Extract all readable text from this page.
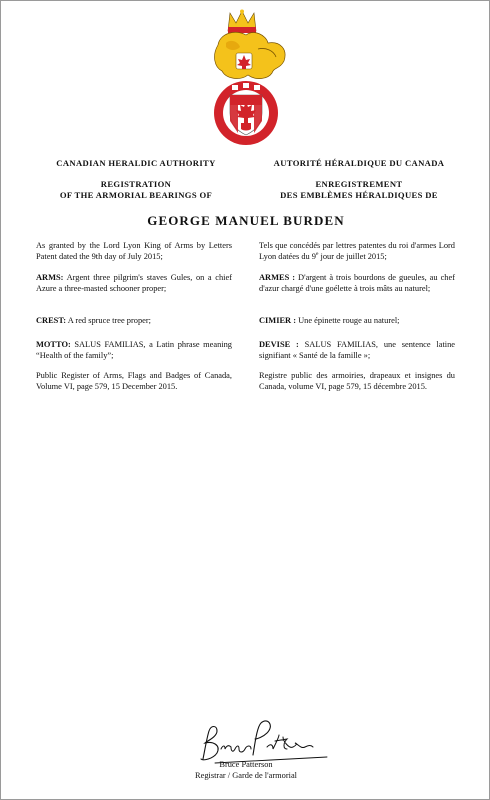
CANADIAN HERALDIC AUTHORITY
REGISTRATION
OF THE ARMORIAL BEARINGS OF
AUTORITÉ HÉRALDIQUE DU CANADA
ENREGISTREMENT
DES EMBLÈMES HÉRALDIQUES DE
GEORGE MANUEL BURDEN

As granted by the Lord Lyon King of Arms by Letters Patent dated the 9th day of July 2015;

ARMS: Argent three pilgrim's staves Gules, on a chief Azure a three-masted schooner proper;

CREST: A red spruce tree proper;

MOTTO: SALUS FAMILIAS, a Latin phrase meaning “Health of the family”;

Public Register of Arms, Flags and Badges of Canada, Volume VI, page 579, 15 December 2015.

Tels que concédés par lettres patentes du roi d'armes Lord Lyon datées du 9e jour de juillet 2015;

ARMES : D'argent à trois bourdons de gueules, au chef d'azur chargé d'une goélette à trois mâts au naturel;

CIMIER : Une épinette rouge au naturel;

DEVISE : SALUS FAMILIAS, une sentence latine signifiant « Santé de la famille »;

Registre public des armoiries, drapeaux et insignes du Canada, volume VI, page 579, 15 décembre 2015.

Bruce Patterson
Registrar / Garde de l'armorial
